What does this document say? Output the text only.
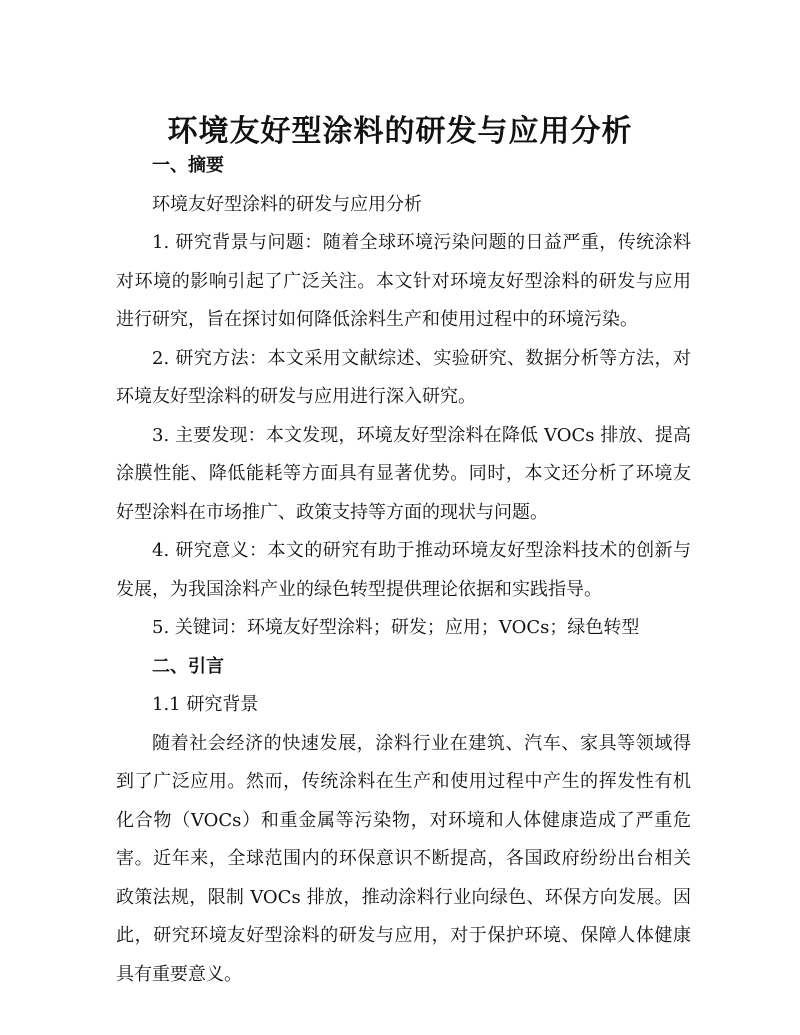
环境友好型涂料的研发与应用分析
一、摘要

环境友好型涂料的研发与应用分析

1. 研究背景与问题：随着全球环境污染问题的日益严重，传统涂料对环境的影响引起了广泛关注。本文针对环境友好型涂料的研发与应用进行研究，旨在探讨如何降低涂料生产和使用过程中的环境污染。

2. 研究方法：本文采用文献综述、实验研究、数据分析等方法，对环境友好型涂料的研发与应用进行深入研究。

3. 主要发现：本文发现，环境友好型涂料在降低 VOCs 排放、提高涂膜性能、降低能耗等方面具有显著优势。同时，本文还分析了环境友好型涂料在市场推广、政策支持等方面的现状与问题。

4. 研究意义：本文的研究有助于推动环境友好型涂料技术的创新与发展，为我国涂料产业的绿色转型提供理论依据和实践指导。

5. 关键词：环境友好型涂料；研发；应用；VOCs；绿色转型

二、引言

1.1 研究背景

随着社会经济的快速发展，涂料行业在建筑、汽车、家具等领域得到了广泛应用。然而，传统涂料在生产和使用过程中产生的挥发性有机化合物（VOCs）和重金属等污染物，对环境和人体健康造成了严重危害。近年来，全球范围内的环保意识不断提高，各国政府纷纷出台相关政策法规，限制 VOCs 排放，推动涂料行业向绿色、环保方向发展。因此，研究环境友好型涂料的研发与应用，对于保护环境、保障人体健康具有重要意义。
